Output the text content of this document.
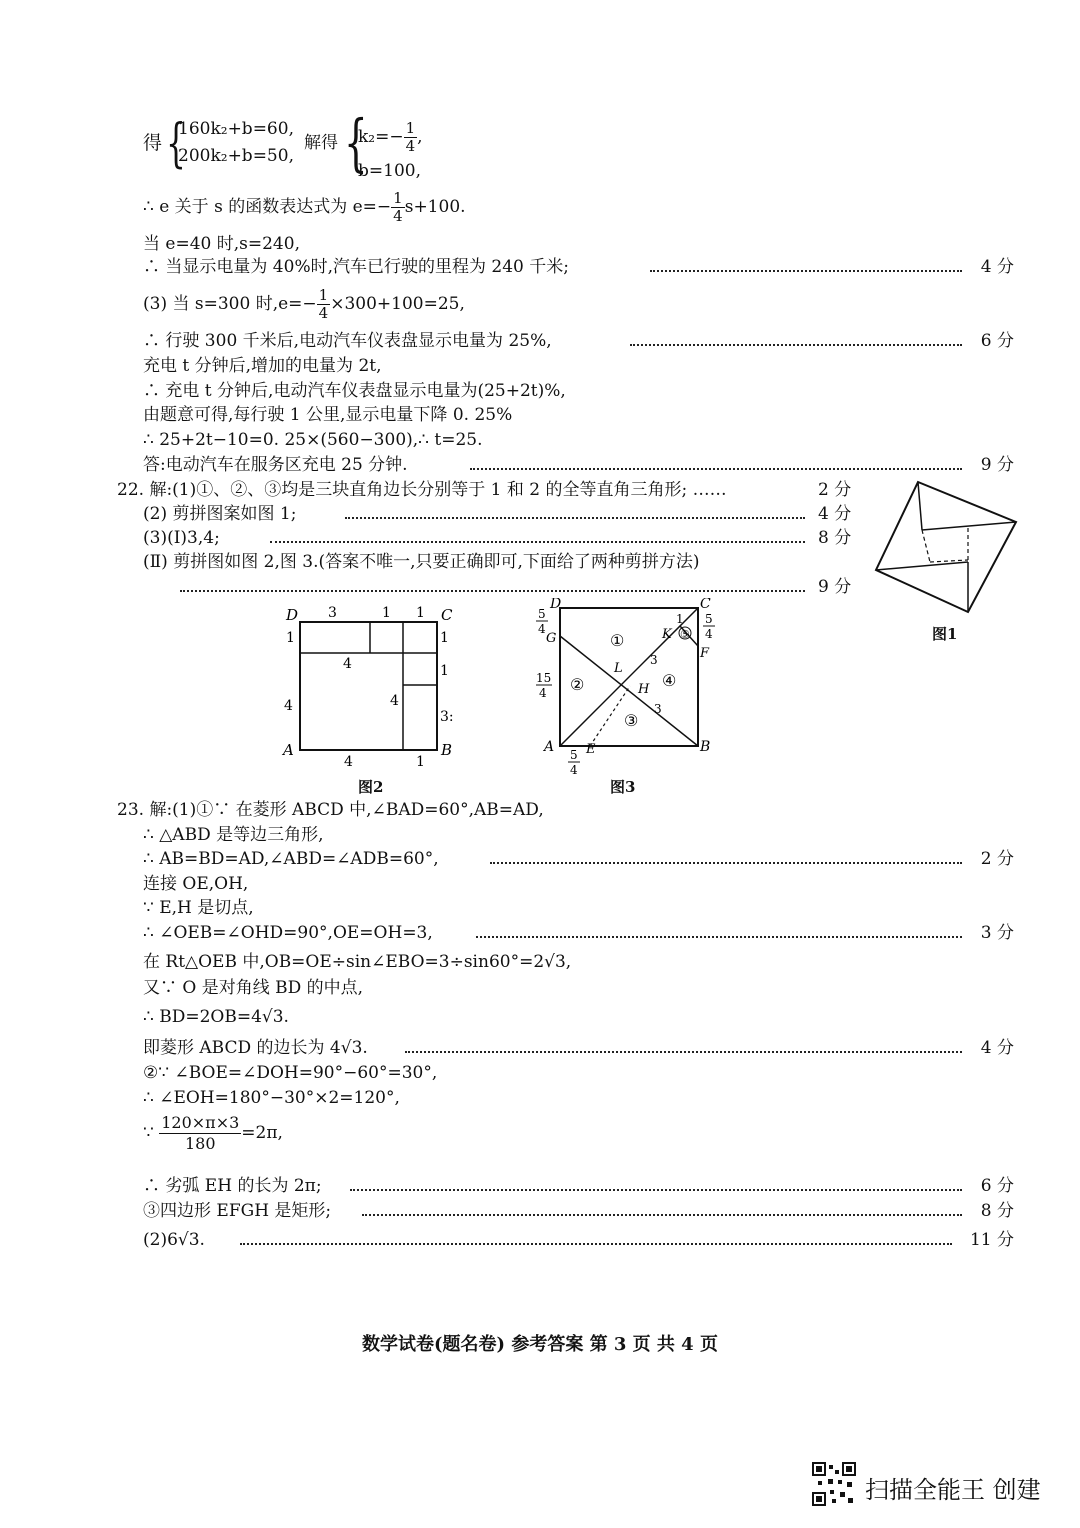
得 {
160k₂+b=60,
200k₂+b=50,
解得 {
$k_2=- \frac{1}{4}$ ,
b=100,
∴ e 关于 s 的函数表达式为 $e=- \frac{1}{4} s+100$.
当 e=40 时,s=240,
∴ 当显示电量为 40%时,汽车已行驶的里程为 240 千米;	4 分
(3) 当 s=300 时$,e=- \frac{1}{4} \times 300+100=25$,
∴ 行驶 300 千米后,电动汽车仪表盘显示电量为 25%,	6 分
充电 t 分钟后,增加的电量为 2t,
∴ 充电 t 分钟后,电动汽车仪表盘显示电量为(25+2t)%,
由题意可得,每行驶 1 公里,显示电量下降 0. 25%
∴ 25+2t−10=0. 25×(560−300),∴ t=25.
答:电动汽车在服务区充电 25 分钟.	9 分
22. 解:(1)①、②、③均是三块直角边长分别等于 1 和 2 的全等直角三角形; ……	2 分
(2) 剪拼图案如图 1;	4 分
(3)(Ⅰ)3,4;	8 分
(Ⅱ) 剪拼图如图 2,图 3.(答案不唯一,只要正确即可,下面给了两种剪拼方法)
9 分
图1
D	C
A	B
3	1 1
1
4
4
4
4	1
1
1
3:
图2
D	C
A	B
G	K
F
L
H
E
①
②
③
④
⑤
1
3
3
15
4
5
4
5
4
5
4
图3
23. 解:(1)①∵ 在菱形 ABCD 中,∠BAD=60°,AB=AD,
∴ △ABD 是等边三角形,
∴ AB=BD=AD,∠ABD=∠ADB=60°,	2 分
连接 OE,OH,
∵ E,H 是切点,
∴ ∠OEB=∠OHD=90°,OE=OH=3,	3 分
在 Rt△OEB 中,OB=OE÷sin∠EBO=3÷sin60°=2√3,
又∵ O 是对角线 BD 的中点,
∴ BD=2OB=4√3.
即菱形 ABCD 的边长为 4√3.	4 分
②∵ ∠BOE=∠DOH=90°−60°=30°,
∴ ∠EOH=180°−30°×2=120°,
∵ $\frac{120\times\pi\times 3}{180} =2\pi$,
∴ 劣弧 EH 的长为 2π;	6 分
③四边形 EFGH 是矩形;	8 分
(2)6√3.	11 分
数学试卷(题名卷) 参考答案 第 3 页 共 4 页
扫描全能王 创建
